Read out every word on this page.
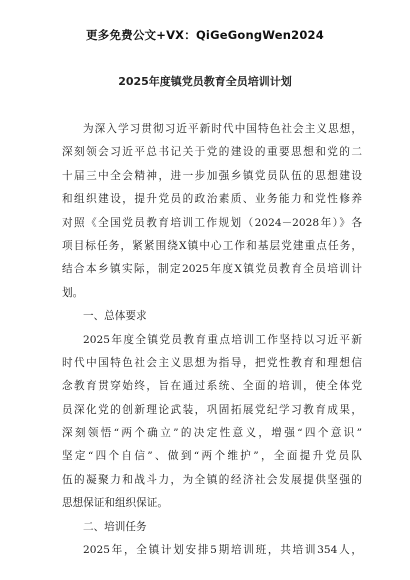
更多免费公文+VX：QiGeGongWen2024
2025年度镇党员教育全员培训计划
为深入学习贯彻习近平新时代中国特色社会主义思想，
深刻领会习近平总书记关于党的建设的重要思想和党的二
十届三中全会精神，进一步加强乡镇党员队伍的思想建设
和组织建设，提升党员的政治素质、业务能力和党性修养
对照《全国党员教育培训工作规划（2024－2028年）》各
项目标任务，紧紧围绕X镇中心工作和基层党建重点任务，
结合本乡镇实际，制定2025年度X镇党员教育全员培训计
划。
一、总体要求
2025年度全镇党员教育重点培训工作坚持以习近平新
时代中国特色社会主义思想为指导，把党性教育和理想信
念教育贯穿始终，旨在通过系统、全面的培训，使全体党
员深化党的创新理论武装，巩固拓展党纪学习教育成果，
深刻领悟“两个确立”的决定性意义，增强“四个意识”
坚定“四个自信”、做到“两个维护”，全面提升党员队
伍的凝聚力和战斗力，为全镇的经济社会发展提供坚强的
思想保证和组织保证。
二、培训任务
2025年，全镇计划安排5期培训班，共培训354人，
